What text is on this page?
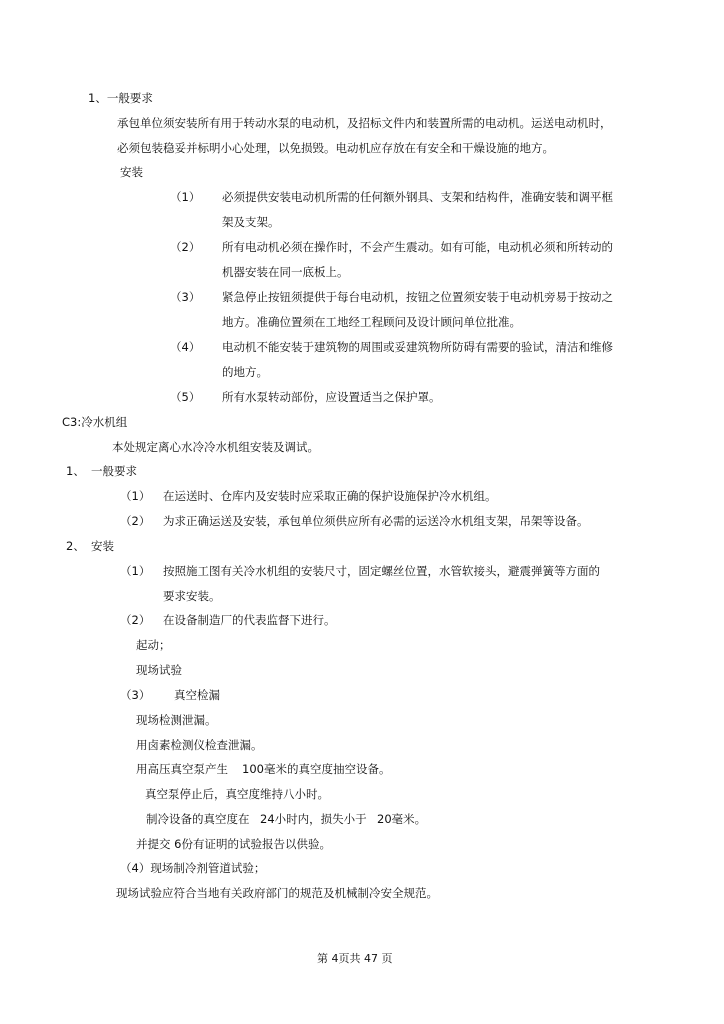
1、一般要求
承包单位须安装所有用于转动水泵的电动机，及招标文件内和装置所需的电动机。运送电动机时，
必须包装稳妥并标明小心处理，以免损毁。电动机应存放在有安全和干燥设施的地方。
安装
（1） 必须提供安装电动机所需的任何额外钢具、支架和结构件，准确安装和调平框
架及支架。
（2） 所有电动机必须在操作时，不会产生震动。如有可能，电动机必须和所转动的
机器安装在同一底板上。
（3） 紧急停止按钮须提供于每台电动机，按钮之位置须安装于电动机旁易于按动之
地方。准确位置须在工地经工程顾问及设计顾问单位批准。
（4） 电动机不能安装于建筑物的周围或妥建筑物所防碍有需要的验试，清洁和维修
的地方。
（5） 所有水泵转动部份，应设置适当之保护罩。
C3:冷水机组
本处规定离心水冷冷水机组安装及调试。
1、 一般要求
（1） 在运送时、仓库内及安装时应采取正确的保护设施保护冷水机组。
（2） 为求正确运送及安装，承包单位须供应所有必需的运送冷水机组支架，吊架等设备。
2、 安装
（1） 按照施工图有关冷水机组的安装尺寸，固定螺丝位置，水管软接头，避震弹簧等方面的
要求安装。
（2） 在设备制造厂的代表监督下进行。
起动；
现场试验
（3） 真空检漏
现场检测泄漏。
用卤素检测仪检查泄漏。
用高压真空泵产生 100毫米的真空度抽空设备。
真空泵停止后，真空度维持八小时。
制冷设备的真空度在 24小时内，损失小于 20毫米。
并提交 6份有证明的试验报告以供验。
（4）现场制冷剂管道试验；
现场试验应符合当地有关政府部门的规范及机械制冷安全规范。
第 4页共 47 页
